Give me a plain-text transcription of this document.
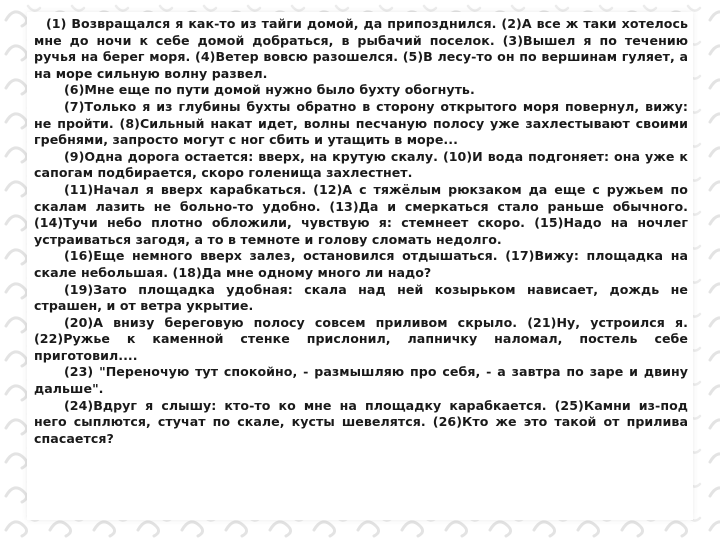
(1) Возвращался я как-то из тайги домой, да припозднился. (2)А все ж таки хотелось мне до ночи к себе домой добраться, в рыбачий поселок. (3)Вышел я по течению ручья на берег моря. (4)Ветер вовсю разошелся. (5)В лесу-то он по вершинам гуляет, а на море сильную волну развел.

(6)Мне еще по пути домой нужно было бухту обогнуть.

(7)Только я из глубины бухты обратно в сторону открытого моря повернул, вижу: не пройти. (8)Сильный накат идет, волны песчаную полосу уже захлестывают своими гребнями, запросто могут с ног сбить и утащить в море...

(9)Одна дорога остается: вверх, на крутую скалу. (10)И вода подгоняет: она уже к сапогам подбирается, скоро голенища захлестнет.

(11)Начал я вверх карабкаться. (12)А с тяжёлым рюкзаком да еще с ружьем по скалам лазить не больно-то удобно. (13)Да и смеркаться стало раньше обычного. (14)Тучи небо плотно обложили, чувствую я: стемнеет скоро. (15)Надо на ночлег устраиваться загодя, а то в темноте и голову сломать недолго.

(16)Еще немного вверх залез, остановился отдышаться. (17)Вижу: площадка на скале небольшая. (18)Да мне одному много ли надо?

(19)Зато площадка удобная: скала над ней козырьком нависает, дождь не страшен, и от ветра укрытие.

(20)А внизу береговую полосу совсем приливом скрыло. (21)Ну, устроился я. (22)Ружье к каменной стенке прислонил, лапничку наломал, постель себе приготовил....

(23) "Переночую тут спокойно, - размышляю про себя, - а завтра по заре и двину дальше".

(24)Вдруг я слышу: кто-то ко мне на площадку карабкается. (25)Камни из-под него сыплются, стучат по скале, кусты шевелятся. (26)Кто же это такой от прилива спасается?
